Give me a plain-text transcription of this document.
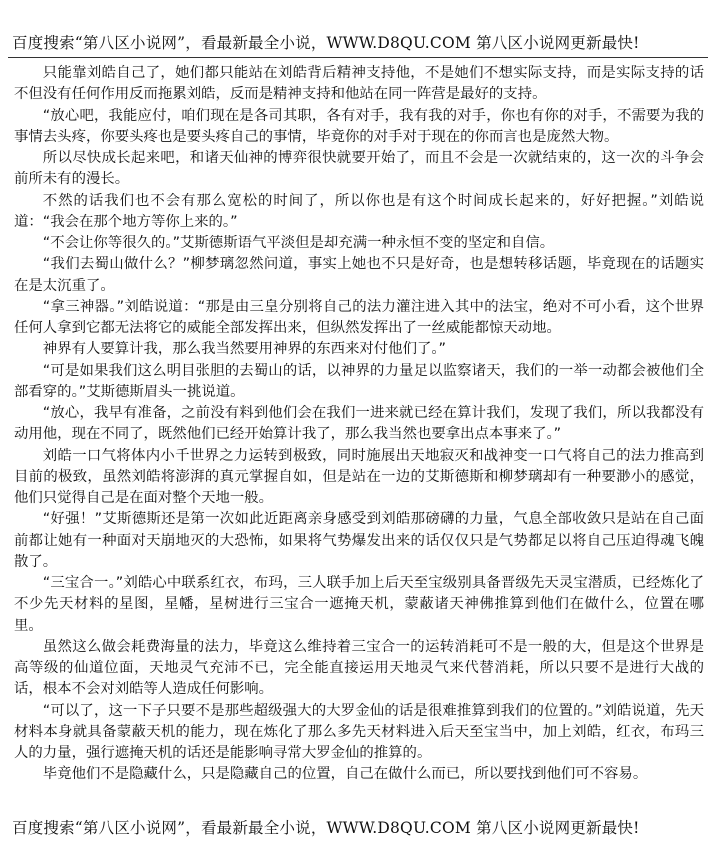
百度搜索“第八区小说网”，看最新最全小说，WWW.D8QU.COM 第八区小说网更新最快!

只能靠刘皓自己了，她们都只能站在刘皓背后精神支持他，不是她们不想实际支持，而是实际支持的话不但没有任何作用反而拖累刘皓，反而是精神支持和他站在同一阵营是最好的支持。

“放心吧，我能应付，咱们现在是各司其职，各有对手，我有我的对手，你也有你的对手，不需要为我的事情去头疼，你要头疼也是要头疼自己的事情，毕竟你的对手对于现在的你而言也是庞然大物。

所以尽快成长起来吧，和诸天仙神的博弈很快就要开始了，而且不会是一次就结束的，这一次的斗争会前所未有的漫长。

不然的话我们也不会有那么宽松的时间了，所以你也是有这个时间成长起来的，好好把握。”刘皓说道：“我会在那个地方等你上来的。”

“不会让你等很久的。”艾斯德斯语气平淡但是却充满一种永恒不变的坚定和自信。

“我们去蜀山做什么？”柳梦璃忽然问道，事实上她也不只是好奇，也是想转移话题，毕竟现在的话题实在是太沉重了。

“拿三神器。”刘皓说道：“那是由三皇分别将自己的法力灌注进入其中的法宝，绝对不可小看，这个世界任何人拿到它都无法将它的威能全部发挥出来，但纵然发挥出了一丝威能都惊天动地。

神界有人要算计我，那么我当然要用神界的东西来对付他们了。”

“可是如果我们这么明目张胆的去蜀山的话，以神界的力量足以监察诸天，我们的一举一动都会被他们全部看穿的。”艾斯德斯眉头一挑说道。

“放心，我早有准备，之前没有料到他们会在我们一进来就已经在算计我们，发现了我们，所以我都没有动用他，现在不同了，既然他们已经开始算计我了，那么我当然也要拿出点本事来了。”

刘皓一口气将体内小千世界之力运转到极致，同时施展出天地寂灭和战神变一口气将自己的法力推高到目前的极致，虽然刘皓将澎湃的真元掌握自如，但是站在一边的艾斯德斯和柳梦璃却有一种要渺小的感觉，他们只觉得自己是在面对整个天地一般。

“好强！”艾斯德斯还是第一次如此近距离亲身感受到刘皓那磅礴的力量，气息全部收敛只是站在自己面前都让她有一种面对天崩地灭的大恐怖，如果将气势爆发出来的话仅仅只是气势都足以将自己压迫得魂飞魄散了。

“三宝合一。”刘皓心中联系红衣，布玛，三人联手加上后天至宝级别具备晋级先天灵宝潜质，已经炼化了不少先天材料的星图，星幡，星树进行三宝合一遮掩天机，蒙蔽诸天神佛推算到他们在做什么，位置在哪里。

虽然这么做会耗费海量的法力，毕竟这么维持着三宝合一的运转消耗可不是一般的大，但是这个世界是高等级的仙道位面，天地灵气充沛不已，完全能直接运用天地灵气来代替消耗，所以只要不是进行大战的话，根本不会对刘皓等人造成任何影响。

“可以了，这一下子只要不是那些超级强大的大罗金仙的话是很难推算到我们的位置的。”刘皓说道，先天材料本身就具备蒙蔽天机的能力，现在炼化了那么多先天材料进入后天至宝当中，加上刘皓，红衣，布玛三人的力量，强行遮掩天机的话还是能影响寻常大罗金仙的推算的。

毕竟他们不是隐藏什么，只是隐藏自己的位置，自己在做什么而已，所以要找到他们可不容易。

百度搜索“第八区小说网”，看最新最全小说，WWW.D8QU.COM 第八区小说网更新最快!
